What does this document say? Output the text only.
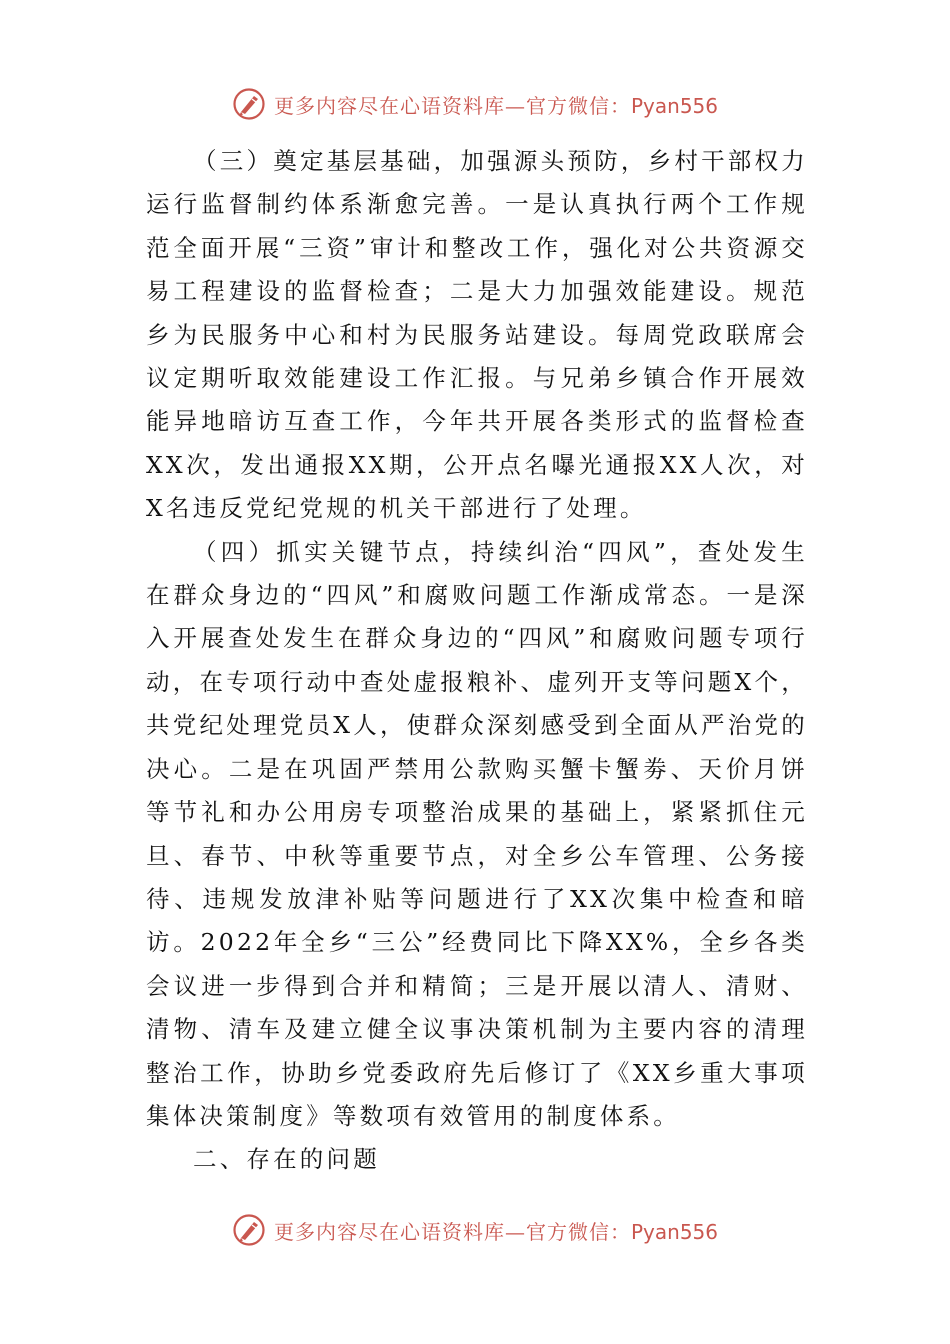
更多内容尽在心语资料库—官方微信：Pyan556

（三）奠定基层基础，加强源头预防，乡村干部权力运行监督制约体系渐愈完善。一是认真执行两个工作规范全面开展“三资”审计和整改工作，强化对公共资源交易工程建设的监督检查；二是大力加强效能建设。规范乡为民服务中心和村为民服务站建设。每周党政联席会议定期听取效能建设工作汇报。与兄弟乡镇合作开展效能异地暗访互查工作，今年共开展各类形式的监督检查XX次，发出通报XX期，公开点名曝光通报XX人次，对X名违反党纪党规的机关干部进行了处理。

（四）抓实关键节点，持续纠治“四风”，查处发生在群众身边的“四风”和腐败问题工作渐成常态。一是深入开展查处发生在群众身边的“四风”和腐败问题专项行动，在专项行动中查处虚报粮补、虚列开支等问题X个，共党纪处理党员X人，使群众深刻感受到全面从严治党的决心。二是在巩固严禁用公款购买蟹卡蟹劵、天价月饼等节礼和办公用房专项整治成果的基础上，紧紧抓住元旦、春节、中秋等重要节点，对全乡公车管理、公务接待、违规发放津补贴等问题进行了XX次集中检查和暗访。2022年全乡“三公”经费同比下降XX%，全乡各类会议进一步得到合并和精简；三是开展以清人、清财、清物、清车及建立健全议事决策机制为主要内容的清理整治工作，协助乡党委政府先后修订了《XX乡重大事项集体决策制度》等数项有效管用的制度体系。

二、存在的问题

更多内容尽在心语资料库—官方微信：Pyan556
